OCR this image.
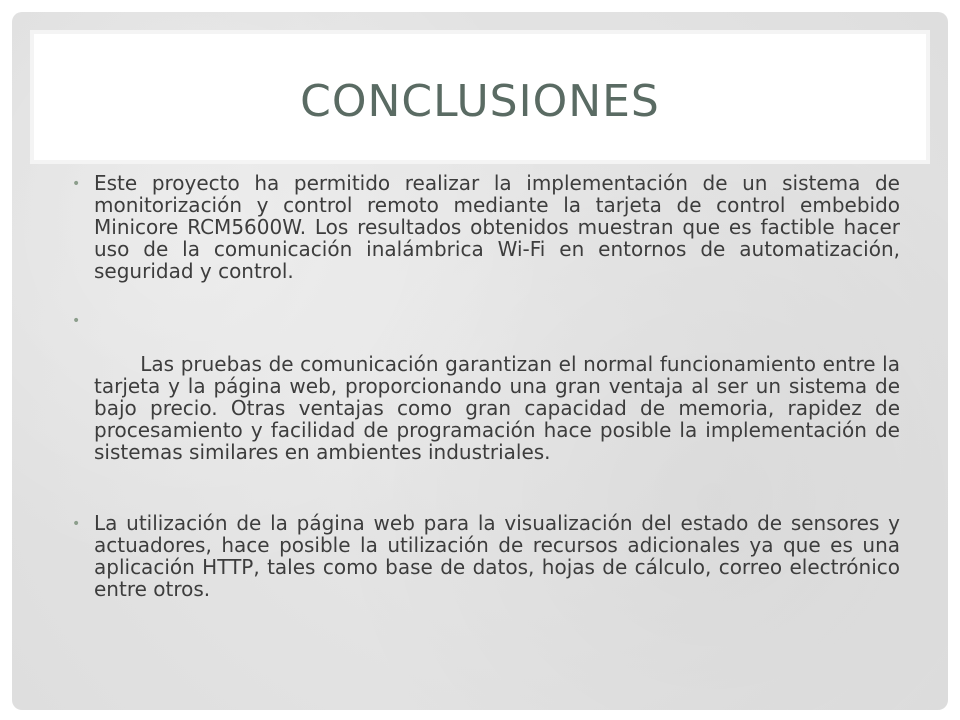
CONCLUSIONES
• Este proyecto ha permitido realizar la implementación de un sistema de monitorización y control remoto mediante la tarjeta de control embebido Minicore RCM5600W. Los resultados obtenidos muestran que es factible hacer uso de la comunicación inalámbrica Wi-Fi en entornos de automatización, seguridad y control.

•

Las pruebas de comunicación garantizan el normal funcionamiento entre la tarjeta y la página web, proporcionando una gran ventaja al ser un sistema de bajo precio. Otras ventajas como gran capacidad de memoria, rapidez de procesamiento y facilidad de programación hace posible la implementación de sistemas similares en ambientes industriales.

• La utilización de la página web para la visualización del estado de sensores y actuadores, hace posible la utilización de recursos adicionales ya que es una aplicación HTTP, tales como base de datos, hojas de cálculo, correo electrónico entre otros.
